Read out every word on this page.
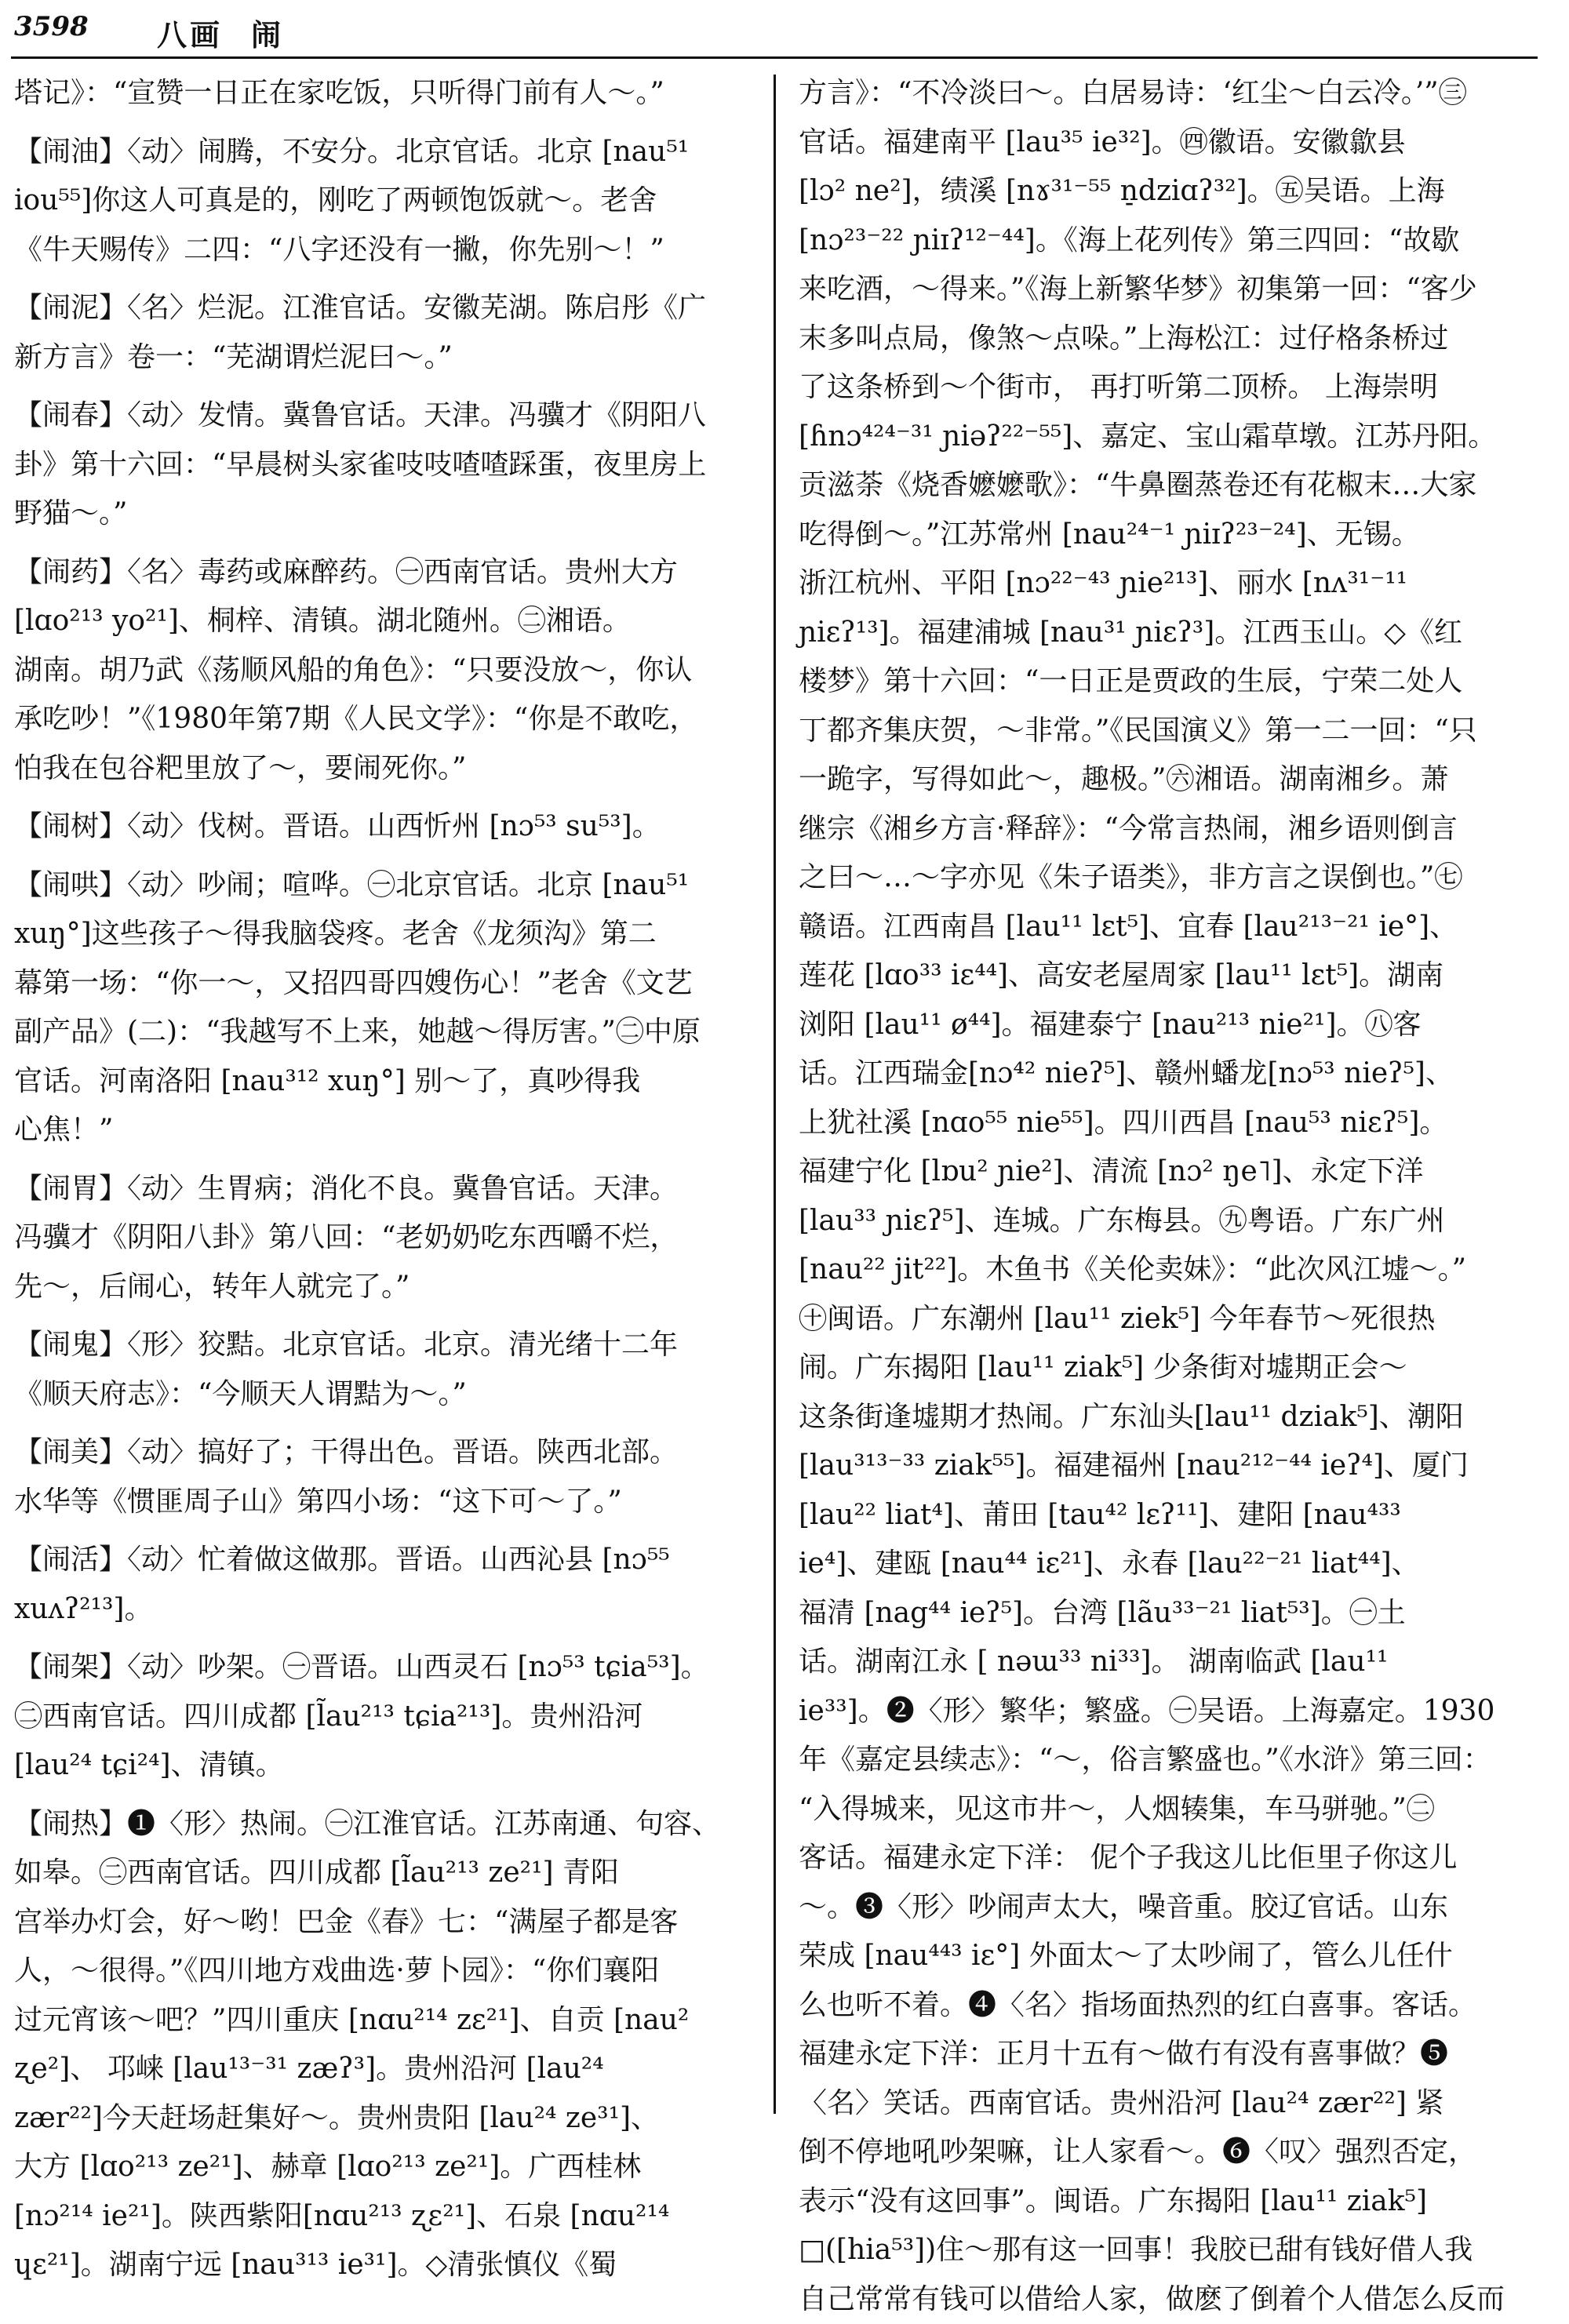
3598 八画 闹
塔记》：“宣赞一日正在家吃饭，只听得门前有人～。”
【闹油】〈动〉闹腾，不安分。北京官话。北京 [nau⁵¹
iou⁵⁵]你这人可真是的，刚吃了两顿饱饭就～。老舍
《牛天赐传》二四：“八字还没有一撇，你先别～！”
【闹泥】〈名〉烂泥。江淮官话。安徽芜湖。陈启彤《广
新方言》卷一：“芜湖谓烂泥曰～。”
【闹春】〈动〉发情。冀鲁官话。天津。冯骥才《阴阳八
卦》第十六回：“早晨树头家雀吱吱喳喳踩蛋，夜里房上
野猫～。”
【闹药】〈名〉毒药或麻醉药。㊀西南官话。贵州大方
[lɑo²¹³ yo²¹]、桐梓、清镇。湖北随州。㊁湘语。
湖南。胡乃武《荡顺风船的角色》：“只要没放～，你认
承吃吵！”《1980年第7期《人民文学》：“你是不敢吃，
怕我在包谷粑里放了～，要闹死你。”
【闹树】〈动〉伐树。晋语。山西忻州 [nɔ⁵³ su⁵³]。
【闹哄】〈动〉吵闹；喧哗。㊀北京官话。北京 [nau⁵¹
xuŋ°]这些孩子～得我脑袋疼。老舍《龙须沟》第二
幕第一场：“你一～，又招四哥四嫂伤心！”老舍《文艺
副产品》(二)：“我越写不上来，她越～得厉害。”㊁中原
官话。河南洛阳 [nau³¹² xuŋ°] 别～了，真吵得我
心焦！”
【闹胃】〈动〉生胃病；消化不良。冀鲁官话。天津。
冯骥才《阴阳八卦》第八回：“老奶奶吃东西嚼不烂，
先～，后闹心，转年人就完了。”
【闹鬼】〈形〉狡黠。北京官话。北京。清光绪十二年
《顺天府志》：“今顺天人谓黠为～。”
【闹美】〈动〉搞好了；干得出色。晋语。陕西北部。
水华等《惯匪周子山》第四小场：“这下可～了。”
【闹活】〈动〉忙着做这做那。晋语。山西沁县 [nɔ⁵⁵
xuʌʔ²¹³]。
【闹架】〈动〉吵架。㊀晋语。山西灵石 [nɔ⁵³ tɕia⁵³]。
㊁西南官话。四川成都 [l̃au²¹³ tɕia²¹³]。贵州沿河
[lau²⁴ tɕi²⁴]、清镇。
【闹热】❶〈形〉热闹。㊀江淮官话。江苏南通、句容、
如皋。㊁西南官话。四川成都 [l̃au²¹³ ze²¹] 青阳
宫举办灯会，好～哟！巴金《春》七：“满屋子都是客
人，～很得。”《四川地方戏曲选·萝卜园》：“你们襄阳
过元宵该～吧？”四川重庆 [nɑu²¹⁴ zɛ²¹]、自贡 [nau²
ʐe²]、 邛崃 [lau¹³⁻³¹ zæʔ³]。贵州沿河 [lau²⁴
zær²²]今天赶场赶集好～。贵州贵阳 [lau²⁴ ze³¹]、
大方 [lɑo²¹³ ze²¹]、赫章 [lɑo²¹³ ze²¹]。广西桂林
[nɔ²¹⁴ ie²¹]。陕西紫阳[nɑu²¹³ ʐɛ²¹]、石泉 [nɑu²¹⁴
ɥɛ²¹]。湖南宁远 [nau³¹³ ie³¹]。◇清张慎仪《蜀
方言》：“不冷淡曰～。白居易诗：‘红尘～白云冷。’”㊂
官话。福建南平 [lau³⁵ ie³²]。㊃徽语。安徽歙县
[lɔ² ne²]，绩溪 [nɤ³¹⁻⁵⁵ n̠dziɑʔ³²]。㊄吴语。上海
[nɔ²³⁻²² ɲiɪʔ¹²⁻⁴⁴]。《海上花列传》第三四回：“故歇
来吃酒，～得来。”《海上新繁华梦》初集第一回：“客少
末多叫点局，像煞～点哚。”上海松江：过仔格条桥过
了这条桥到～个街市， 再打听第二顶桥。 上海崇明
[ɦnɔ⁴²⁴⁻³¹ ɲiəʔ²²⁻⁵⁵]、嘉定、宝山霜草墩。江苏丹阳。
贡滋荼《烧香嬷嬷歌》：“牛鼻圈蒸卷还有花椒末…大家
吃得倒～。”江苏常州 [nau²⁴⁻¹ ɲiɪʔ²³⁻²⁴]、无锡。
浙江杭州、平阳 [nɔ²²⁻⁴³ ɲie²¹³]、丽水 [nʌ³¹⁻¹¹
ɲiɛʔ¹³]。福建浦城 [nau³¹ ɲiɛʔ³]。江西玉山。◇《红
楼梦》第十六回：“一日正是贾政的生辰，宁荣二处人
丁都齐集庆贺，～非常。”《民国演义》第一二一回：“只
一跪字，写得如此～，趣极。”㊅湘语。湖南湘乡。萧
继宗《湘乡方言·释辞》：“今常言热闹，湘乡语则倒言
之曰～…～字亦见《朱子语类》，非方言之误倒也。”㊆
赣语。江西南昌 [lau¹¹ lɛt⁵]、宜春 [lau²¹³⁻²¹ ie°]、
莲花 [lɑo³³ iɛ⁴⁴]、高安老屋周家 [lau¹¹ lɛt⁵]。湖南
浏阳 [lau¹¹ ø⁴⁴]。福建泰宁 [nau²¹³ nie²¹]。㊇客
话。江西瑞金[nɔ⁴² nieʔ⁵]、赣州蟠龙[nɔ⁵³ nieʔ⁵]、
上犹社溪 [nɑo⁵⁵ nie⁵⁵]。四川西昌 [nau⁵³ niɛʔ⁵]。
福建宁化 [lɒu² ɲie²]、清流 [nɔ² ŋe˥]、永定下洋
[lau³³ ɲiɛʔ⁵]、连城。广东梅县。㊈粤语。广东广州
[nau²² jit²²]。木鱼书《关伦卖妹》：“此次风江墟～。”
㊉闽语。广东潮州 [lau¹¹ ziek⁵] 今年春节～死很热
闹。广东揭阳 [lau¹¹ ziak⁵] 少条街对墟期正会～
这条街逢墟期才热闹。广东汕头[lau¹¹ dziak⁵]、潮阳
[lau³¹³⁻³³ ziak⁵⁵]。福建福州 [nau²¹²⁻⁴⁴ ieʔ⁴]、厦门
[lau²² liat⁴]、莆田 [tau⁴² lɛʔ¹¹]、建阳 [nau⁴³³
ie⁴]、建瓯 [nau⁴⁴ iɛ²¹]、永春 [lau²²⁻²¹ liat⁴⁴]、
福清 [nag⁴⁴ ieʔ⁵]。台湾 [lãu³³⁻²¹ liat⁵³]。㊀土
话。湖南江永 [ nəɯ³³ ni³³]。 湖南临武 [lau¹¹
ie³³]。❷〈形〉繁华；繁盛。㊀吴语。上海嘉定。1930
年《嘉定县续志》：“～，俗言繁盛也。”《水浒》第三回：
“入得城来，见这市井～，人烟辏集，车马骈驰。”㊁
客话。福建永定下洋： 伲个子我这儿比佢里子你这儿
～。❸〈形〉吵闹声太大，噪音重。胶辽官话。山东
荣成 [nau⁴⁴³ iɛ°] 外面太～了太吵闹了，管么儿任什
么也听不着。❹〈名〉指场面热烈的红白喜事。客话。
福建永定下洋：正月十五有～做冇有没有喜事做？❺
〈名〉笑话。西南官话。贵州沿河 [lau²⁴ zær²²] 紧
倒不停地吼吵架嘛，让人家看～。❻〈叹〉强烈否定，
表示“没有这回事”。闽语。广东揭阳 [lau¹¹ ziak⁵]
□([hia⁵³])住～那有这一回事！我胶已甜有钱好借人我
自己常常有钱可以借给人家，做麽了倒着个人借怎么反而
